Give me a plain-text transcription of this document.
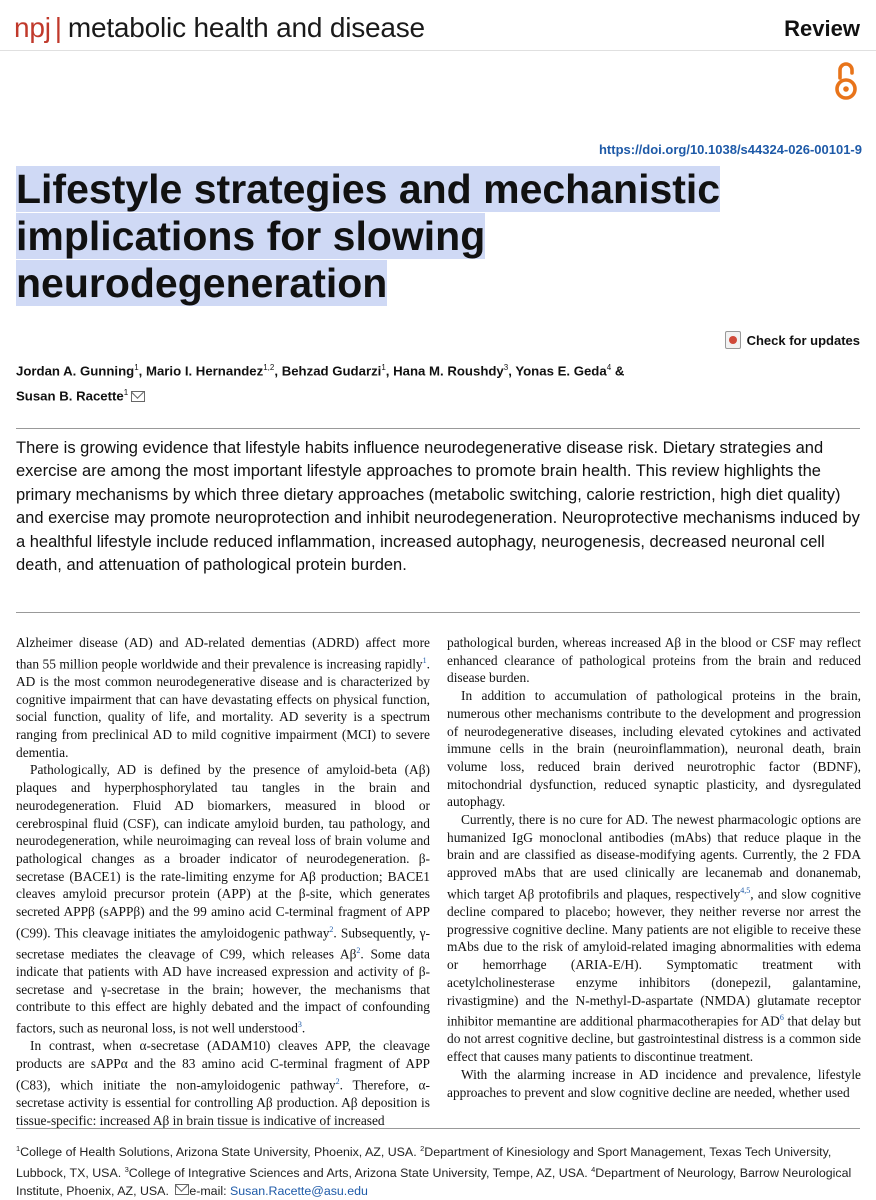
npj | metabolic health and disease	Review
https://doi.org/10.1038/s44324-026-00101-9
Lifestyle strategies and mechanistic implications for slowing neurodegeneration
Check for updates
Jordan A. Gunning$^1$, Mario I. Hernandez$^{1,2}$, Behzad Gudarzi$^1$, Hana M. Roushdy$^3$, Yonas E. Geda$^4$ &
Susan B. Racette$^1$
There is growing evidence that lifestyle habits influence neurodegenerative disease risk. Dietary strategies and exercise are among the most important lifestyle approaches to promote brain health. This review highlights the primary mechanisms by which three dietary approaches (metabolic switching, calorie restriction, high diet quality) and exercise may promote neuroprotection and inhibit neurodegeneration. Neuroprotective mechanisms induced by a healthful lifestyle include reduced inflammation, increased autophagy, neurogenesis, decreased neuronal cell death, and attenuation of pathological protein burden.

Alzheimer disease (AD) and AD-related dementias (ADRD) affect more than 55 million people worldwide and their prevalence is increasing rapidly$^1$. AD is the most common neurodegenerative disease and is characterized by cognitive impairment that can have devastating effects on physical function, social function, quality of life, and mortality. AD severity is a spectrum ranging from preclinical AD to mild cognitive impairment (MCI) to severe dementia.

Pathologically, AD is defined by the presence of amyloid-beta (Aβ) plaques and hyperphosphorylated tau tangles in the brain and neurodegeneration. Fluid AD biomarkers, measured in blood or cerebrospinal fluid (CSF), can indicate amyloid burden, tau pathology, and neurodegeneration, while neuroimaging can reveal loss of brain volume and pathological changes as a broader indicator of neurodegeneration. β-secretase (BACE1) is the rate-limiting enzyme for Aβ production; BACE1 cleaves amyloid precursor protein (APP) at the β-site, which generates secreted APPβ (sAPPβ) and the 99 amino acid C-terminal fragment of APP (C99). This cleavage initiates the amyloidogenic pathway$^2$. Subsequently, γ-secretase mediates the cleavage of C99, which releases $A\beta^2$. Some data indicate that patients with AD have increased expression and activity of β-secretase and γ-secretase in the brain; however, the mechanisms that contribute to this effect are highly debated and the impact of confounding factors, such as neuronal loss, is not well understood$^3$.

In contrast, when α-secretase (ADAM10) cleaves APP, the cleavage products are sAPPα and the 83 amino acid C-terminal fragment of APP (C83), which initiate the non-amyloidogenic pathway$^2$. Therefore, α-secretase activity is essential for controlling Aβ production. Aβ deposition is tissue-specific: increased Aβ in brain tissue is indicative of increased

pathological burden, whereas increased Aβ in the blood or CSF may reflect enhanced clearance of pathological proteins from the brain and reduced disease burden.

In addition to accumulation of pathological proteins in the brain, numerous other mechanisms contribute to the development and progression of neurodegenerative diseases, including elevated cytokines and activated immune cells in the brain (neuroinflammation), neuronal death, brain volume loss, reduced brain derived neurotrophic factor (BDNF), mitochondrial dysfunction, reduced synaptic plasticity, and dysregulated autophagy.

Currently, there is no cure for AD. The newest pharmacologic options are humanized IgG monoclonal antibodies (mAbs) that reduce plaque in the brain and are classified as disease-modifying agents. Currently, the 2 FDA approved mAbs that are used clinically are lecanemab and donanemab, which target Aβ protofibrils and plaques, respectively$^{4,5}$, and slow cognitive decline compared to placebo; however, they neither reverse nor arrest the progressive cognitive decline. Many patients are not eligible to receive these mAbs due to the risk of amyloid-related imaging abnormalities with edema or hemorrhage (ARIA-E/H). Symptomatic treatment with acetylcholinesterase enzyme inhibitors (donepezil, galantamine, rivastigmine) and the N-methyl-D-aspartate (NMDA) glutamate receptor inhibitor memantine are additional pharmacotherapies for $AD^6$ that delay but do not arrest cognitive decline, but gastrointestinal distress is a common side effect that causes many patients to discontinue treatment.

With the alarming increase in AD incidence and prevalence, lifestyle approaches to prevent and slow cognitive decline are needed, whether used

$^1$College of Health Solutions, Arizona State University, Phoenix, AZ, USA. $^2$Department of Kinesiology and Sport Management, Texas Tech University, Lubbock, TX, USA. $^3$College of Integrative Sciences and Arts, Arizona State University, Tempe, AZ, USA. $^4$Department of Neurology, Barrow Neurological Institute, Phoenix, AZ, USA. e-mail: Susan.Racette@asu.edu
